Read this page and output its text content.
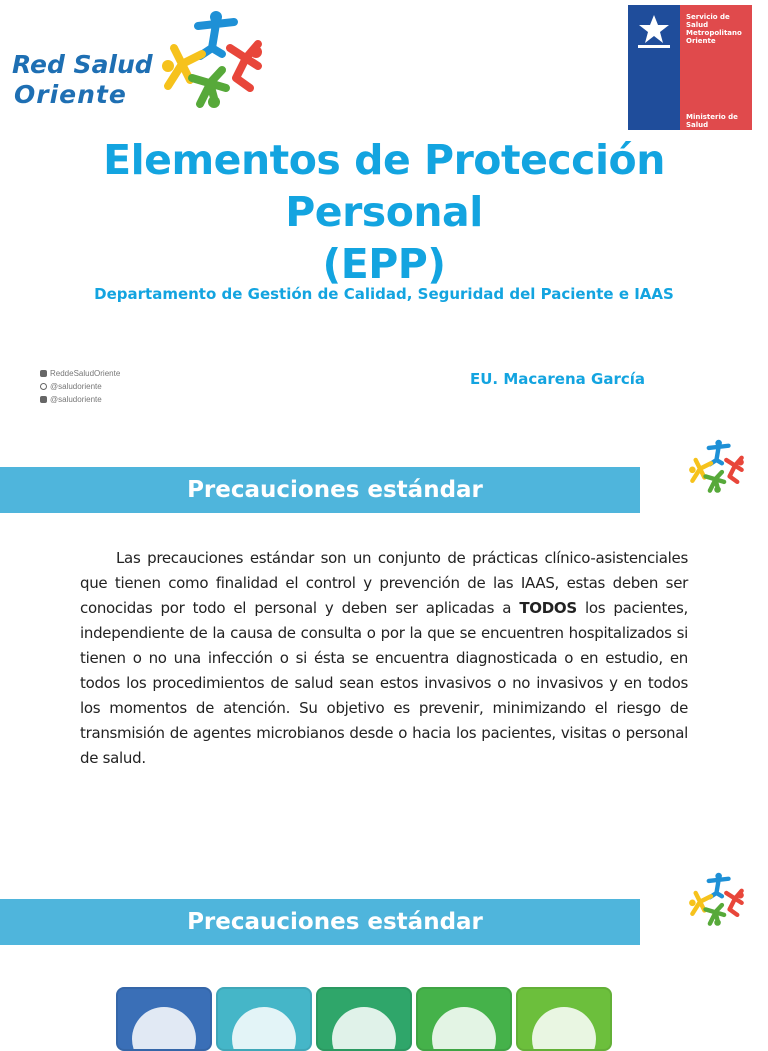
Red Salud
Oriente
Servicio de Salud Metropolitano Oriente
Ministerio de Salud
Elementos de Protección Personal
(EPP)
Departamento de Gestión de Calidad, Seguridad del Paciente e IAAS
ReddeSaludOriente
@saludoriente
@saludoriente
EU. Macarena García
Precauciones estándar

Las precauciones estándar son un conjunto de prácticas clínico-asistenciales que tienen como finalidad el control y prevención de las IAAS, estas deben ser conocidas por todo el personal y deben ser aplicadas a TODOS los pacientes, independiente de la causa de consulta o por la que se encuentren hospitalizados si tienen o no una infección o si ésta se encuentra diagnosticada o en estudio, en todos los procedimientos de salud sean estos invasivos o no invasivos y en todos los momentos de atención. Su objetivo es prevenir, minimizando el riesgo de transmisión de agentes microbianos desde o hacia los pacientes, visitas o personal de salud.

Precauciones estándar
